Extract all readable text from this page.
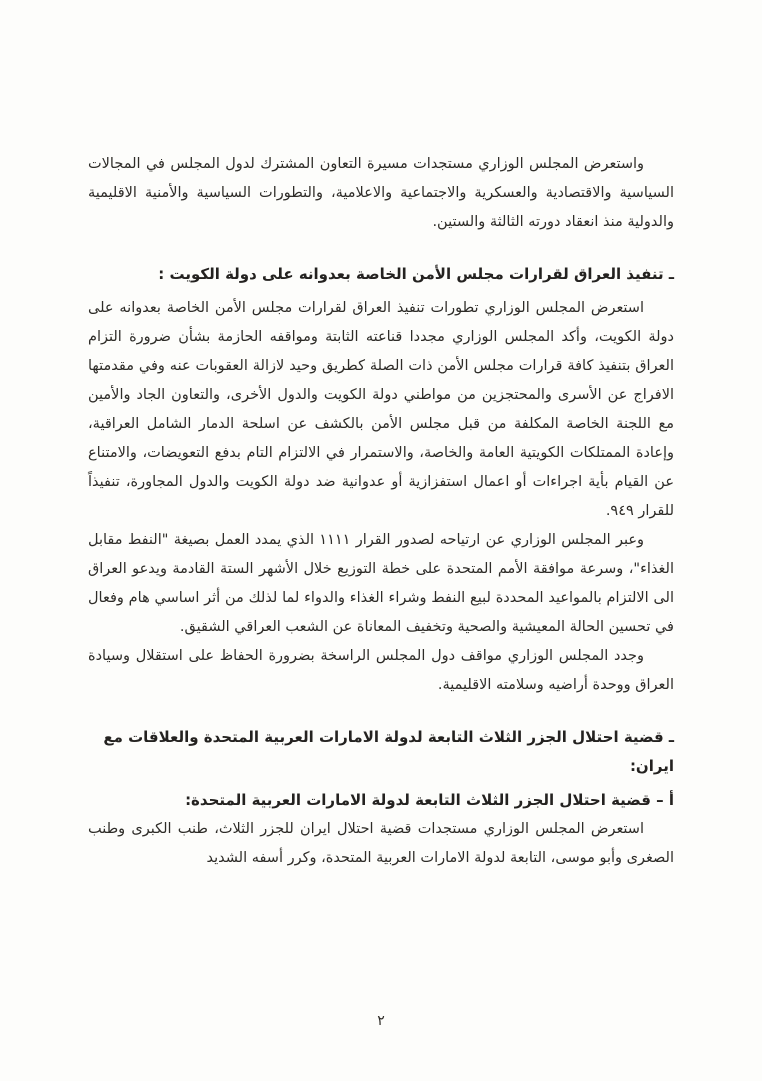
واستعرض المجلس الوزاري مستجدات مسيرة التعاون المشترك لدول المجلس في المجالات السياسية والاقتصادية والعسكرية والاجتماعية والاعلامية، والتطورات السياسية والأمنية الاقليمية والدولية منذ انعقاد دورته الثالثة والستين.

ـ تنفيذ العراق لقرارات مجلس الأمن الخاصة بعدوانه على دولة الكويت :

استعرض المجلس الوزاري تطورات تنفيذ العراق لقرارات مجلس الأمن الخاصة بعدوانه على دولة الكويت، وأكد المجلس الوزاري مجددا قناعته الثابتة ومواقفه الحازمة بشأن ضرورة التزام العراق بتنفيذ كافة قرارات مجلس الأمن ذات الصلة كطريق وحيد لازالة العقوبات عنه وفي مقدمتها الافراج عن الأسرى والمحتجزين من مواطني دولة الكويت والدول الأخرى، والتعاون الجاد والأمين مع اللجنة الخاصة المكلفة من قبل مجلس الأمن بالكشف عن اسلحة الدمار الشامل العراقية، وإعادة الممتلكات الكويتية العامة والخاصة، والاستمرار في الالتزام التام بدفع التعويضات، والامتناع عن القيام بأية اجراءات أو اعمال استفزازية أو عدوانية ضد دولة الكويت والدول المجاورة، تنفيذاً للقرار ٩٤٩.

وعبر المجلس الوزاري عن ارتياحه لصدور القرار ١١١١ الذي يمدد العمل بصيغة "النفط مقابل الغذاء"، وسرعة موافقة الأمم المتحدة على خطة التوزيع خلال الأشهر الستة القادمة ويدعو العراق الى الالتزام بالمواعيد المحددة لبيع النفط وشراء الغذاء والدواء لما لذلك من أثر اساسي هام وفعال في تحسين الحالة المعيشية والصحية وتخفيف المعاناة عن الشعب العراقي الشقيق.

وجدد المجلس الوزاري مواقف دول المجلس الراسخة بضرورة الحفاظ على استقلال وسيادة العراق ووحدة أراضيه وسلامته الاقليمية.

ـ قضية احتلال الجزر الثلاث التابعة لدولة الامارات العربية المتحدة والعلاقات مع ايران:
أ – قضية احتلال الجزر الثلاث التابعة لدولة الامارات العربية المتحدة:

استعرض المجلس الوزاري مستجدات قضية احتلال ايران للجزر الثلاث، طنب الكبرى وطنب الصغرى وأبو موسى، التابعة لدولة الامارات العربية المتحدة، وكرر أسفه الشديد

٢
